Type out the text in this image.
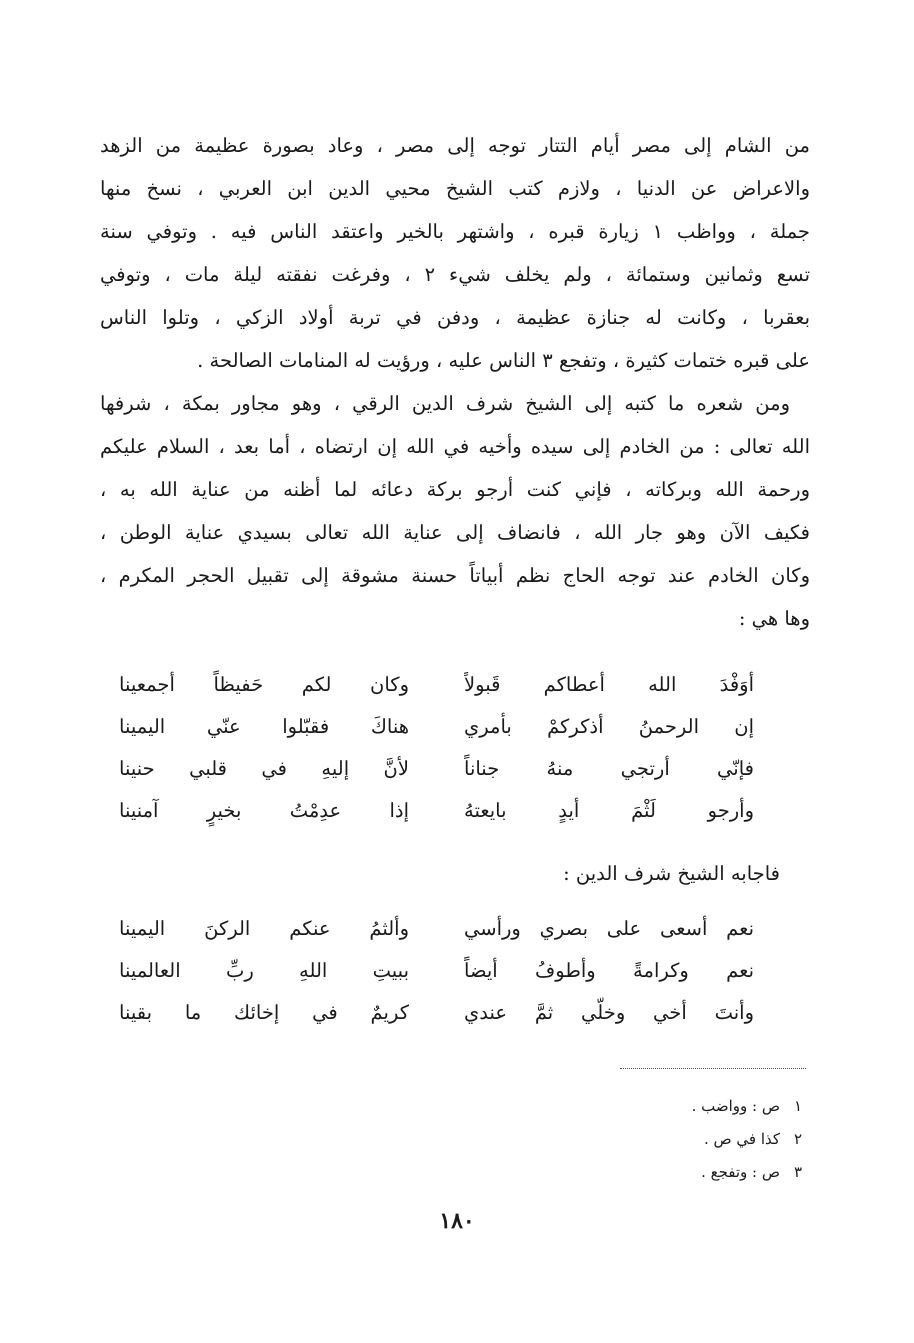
من الشام إلى مصر أيام التتار توجه إلى مصر ، وعاد بصورة عظيمة من الزهد
والاعراض عن الدنيا ، ولازم كتب الشيخ محيي الدين ابن العربي ، نسخ منها
جملة ، وواظب ١ زيارة قبره ، واشتهر بالخير واعتقد الناس فيه . وتوفي سنة
تسع وثمانين وستمائة ، ولم يخلف شيء ٢ ، وفرغت نفقته ليلة مات ، وتوفي
بعقربا ، وكانت له جنازة عظيمة ، ودفن في تربة أولاد الزكي ، وتلوا الناس
على قبره ختمات كثيرة ، وتفجع ٣ الناس عليه ، ورؤيت له المنامات الصالحة .
ومن شعره ما كتبه إلى الشيخ شرف الدين الرقي ، وهو مجاور بمكة ، شرفها
الله تعالى : من الخادم إلى سيده وأخيه في الله إن ارتضاه ، أما بعد ، السلام عليكم
ورحمة الله وبركاته ، فإني كنت أرجو بركة دعائه لما أظنه من عناية الله به ،
فكيف الآن وهو جار الله ، فانضاف إلى عناية الله تعالى بسيدي عناية الوطن ،
وكان الخادم عند توجه الحاج نظم أبياتاً حسنة مشوقة إلى تقبيل الحجر المكرم ،
وها هي :
أوَفْدَ الله أعطاكم قَبولاً
وكان لكم حَفيظاً أجمعينا
إن الرحمنُ أذكركمْ بأمري
هناكَ فقبّلوا عنّي اليمينا
فإنّي أرتجي منهُ جناناً
لأنَّ إليهِ في قلبي حنينا
وأرجو لَثْمَ أيدٍ بايعتهُ
إذا عدِمْتُ بخيرٍ آمنينا
فاجابه الشيخ شرف الدين :
نعم أسعى على بصري ورأسي
وألثمُ عنكم الركنَ اليمينا
نعم وكرامةً وأطوفُ أيضاً
ببيتِ اللهِ ربِّ العالمينا
وأنتَ أخي وخلّي ثمَّ عندي
كريمٌ في إخائك ما بقينا
١
ص : وواضب .
٢
كذا في ص .
٣
ص : وتفجع .
١٨٠
